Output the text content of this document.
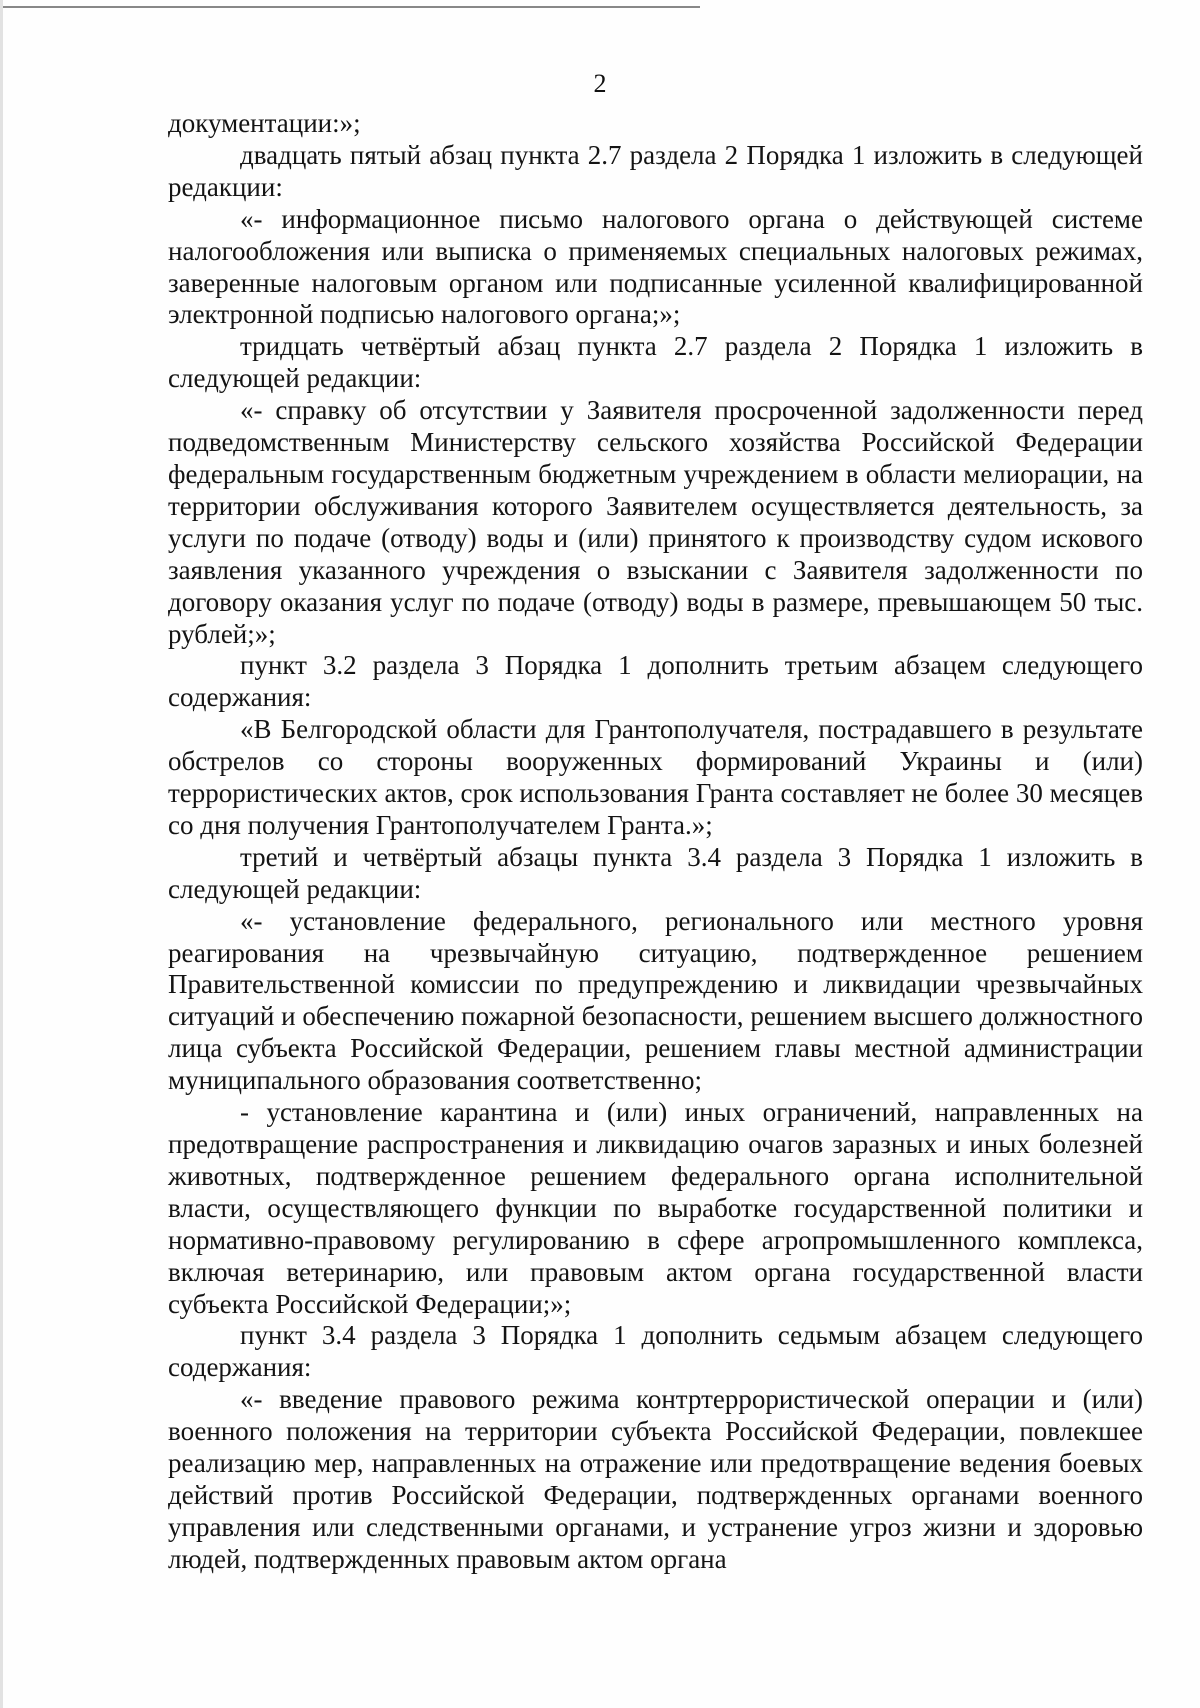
2

документации:»;

двадцать пятый абзац пункта 2.7 раздела 2 Порядка 1 изложить в следующей редакции:

«- информационное письмо налогового органа о действующей системе налогообложения или выписка о применяемых специальных налоговых режимах, заверенные налоговым органом или подписанные усиленной квалифицированной электронной подписью налогового органа;»;

тридцать четвёртый абзац пункта 2.7 раздела 2 Порядка 1 изложить в следующей редакции:

«- справку об отсутствии у Заявителя просроченной задолженности перед подведомственным Министерству сельского хозяйства Российской Федерации федеральным государственным бюджетным учреждением в области мелиорации, на территории обслуживания которого Заявителем осуществляется деятельность, за услуги по подаче (отводу) воды и (или) принятого к производству судом искового заявления указанного учреждения о взыскании с Заявителя задолженности по договору оказания услуг по подаче (отводу) воды в размере, превышающем 50 тыс. рублей;»;

пункт 3.2 раздела 3 Порядка 1 дополнить третьим абзацем следующего содержания:

«В Белгородской области для Грантополучателя, пострадавшего в результате обстрелов со стороны вооруженных формирований Украины и (или) террористических актов, срок использования Гранта составляет не более 30 месяцев со дня получения Грантополучателем Гранта.»;

третий и четвёртый абзацы пункта 3.4 раздела 3 Порядка 1 изложить в следующей редакции:

«- установление федерального, регионального или местного уровня реагирования на чрезвычайную ситуацию, подтвержденное решением Правительственной комиссии по предупреждению и ликвидации чрезвычайных ситуаций и обеспечению пожарной безопасности, решением высшего должностного лица субъекта Российской Федерации, решением главы местной администрации муниципального образования соответственно;

- установление карантина и (или) иных ограничений, направленных на предотвращение распространения и ликвидацию очагов заразных и иных болезней животных, подтвержденное решением федерального органа исполнительной власти, осуществляющего функции по выработке государственной политики и нормативно-правовому регулированию в сфере агропромышленного комплекса, включая ветеринарию, или правовым актом органа государственной власти субъекта Российской Федерации;»;

пункт 3.4 раздела 3 Порядка 1 дополнить седьмым абзацем следующего содержания:

«- введение правового режима контртеррористической операции и (или) военного положения на территории субъекта Российской Федерации, повлекшее реализацию мер, направленных на отражение или предотвращение ведения боевых действий против Российской Федерации, подтвержденных органами военного управления или следственными органами, и устранение угроз жизни и здоровью людей, подтвержденных правовым актом органа
